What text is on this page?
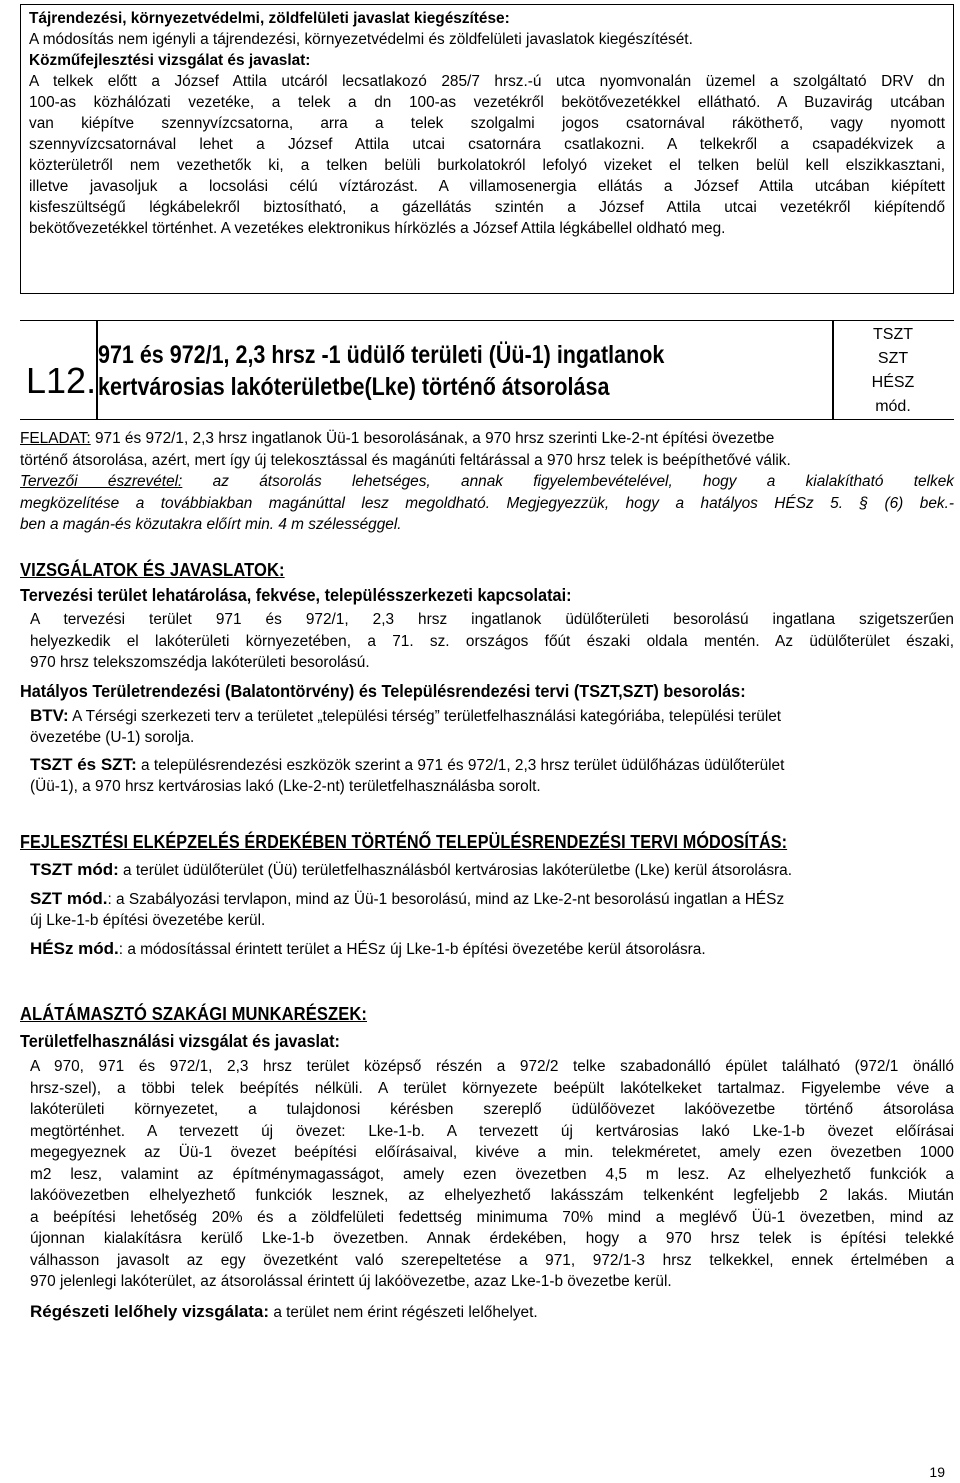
Tájrendezési, környezetvédelmi, zöldfelületi javaslat kiegészítése:
A módosítás nem igényli a tájrendezési, környezetvédelmi és zöldfelületi javaslatok kiegészítését.
Közműfejlesztési vizsgálat és javaslat:
A telkek előtt a József Attila utcáról lecsatlakozó 285/7 hrsz.-ú utca nyomvonalán üzemel a szolgáltató DRV dn
100-as közhálózati vezetéke, a telek a dn 100-as vezetékről bekötővezetékkel ellátható. A Buzavirág utcában
van kiépítve szennyvízcsatorna, arra a telek szolgalmi jogos csatornával rákötheтő, vagy nyomott
szennyvízcsatornával lehet a József Attila utcai csatornára csatlakozni. A telkekről a csapadékvizek a
közterületről nem vezethetők ki, a telken belüli burkolatokról lefolyó vizeket el telken belül kell elszikkasztani,
illetve javasoljuk a locsolási célú víztározást. A villamosenergia ellátás a József Attila utcában kiépített
kisfeszültségű légkábelekről biztosítható, a gázellátás szintén a József Attila utcai vezetékről kiépítendő
bekötővezetékkel történhet. A vezetékes elektronikus hírközlés a József Attila légkábellel oldható meg.
L12.
971 és 972/1, 2,3 hrsz -1 üdülő területi (Üü-1) ingatlanok
kertvárosias lakóterületbe(Lke) történő átsorolása
TSZT
SZT
HÉSZ
mód.
FELADAT: 971 és 972/1, 2,3 hrsz ingatlanok Üü-1 besorolásának, a 970 hrsz szerinti Lke-2-nt építési övezetbe
történő átsorolása, azért, mert így új telekosztással és magánúti feltárással a 970 hrsz telek is beépíthetővé válik.
Tervezői észrevétel: az átsorolás lehetséges, annak figyelembevételével, hogy a kialakítható telkek
megközelítése a továbbiakban magánúttal lesz megoldható. Megjegyezzük, hogy a hatályos HÉSz 5. § (6) bek.-
ben a magán-és közutakra előírt min. 4 m szélességgel.
VIZSGÁLATOK ÉS JAVASLATOK:
Tervezési terület lehatárolása, fekvése, településszerkezeti kapcsolatai:
A tervezési terület 971 és 972/1, 2,3 hrsz ingatlanok üdülőterületi besorolású ingatlana szigetszerűen
helyezkedik el lakóterületi környezetében, a 71. sz. országos főút északi oldala mentén. Az üdülőterület északi,
970 hrsz telekszomszédja lakóterületi besorolású.
Hatályos Területrendezési (Balatontörvény) és Településrendezési tervi (TSZT,SZT) besorolás:
BTV: A Térségi szerkezeti terv a területet „települési térség” területfelhasználási kategóriába, települési terület
övezetébe (U-1) sorolja.
TSZT és SZT: a településrendezési eszközök szerint a 971 és 972/1, 2,3 hrsz terület üdülőházas üdülőterület
(Üü-1), a 970 hrsz kertvárosias lakó (Lke-2-nt) területfelhasználásba sorolt.
FEJLESZTÉSI ELKÉPZELÉS ÉRDEKÉBEN TÖRTÉNŐ TELEPÜLÉSRENDEZÉSI TERVI MÓDOSÍTÁS:
TSZT mód: a terület üdülőterület (Üü) területfelhasználásból kertvárosias lakóterületbe (Lke) kerül átsorolásra.
SZT mód.: a Szabályozási tervlapon, mind az Üü-1 besorolású, mind az Lke-2-nt besorolású ingatlan a HÉSz
új Lke-1-b építési övezetébe kerül.
HÉSz mód.: a módosítással érintett terület a HÉSz új Lke-1-b építési övezetébe kerül átsorolásra.
ALÁTÁMASZTÓ SZAKÁGI MUNKARÉSZEK:
Területfelhasználási vizsgálat és javaslat:
A 970, 971 és 972/1, 2,3 hrsz terület középső részén a 972/2 telke szabadonálló épület található (972/1 önálló
hrsz-szel), a többi telek beépítés nélküli. A terület környezete beépült lakótelkeket tartalmaz. Figyelembe véve a
lakóterületi környezetet, a tulajdonosi kérésben szereplő üdülőövezet lakóövezetbe történő átsorolása
megtörténhet. A tervezett új övezet: Lke-1-b. A tervezett új kertvárosias lakó Lke-1-b övezet előírásai
megegyeznek az Üü-1 övezet beépítési előírásaival, kivéve a min. telekméretet, amely ezen övezetben 1000
m2 lesz, valamint az építménymagasságot, amely ezen övezetben 4,5 m lesz. Az elhelyezhető funkciók a
lakóövezetben elhelyezhető funkciók lesznek, az elhelyezhető lakásszám telkenként legfeljebb 2 lakás. Miután
a beépítési lehetőség 20% és a zöldfelületi fedettség minimuma 70% mind a meglévő Üü-1 övezetben, mind az
újonnan kialakításra kerülő Lke-1-b övezetben. Annak érdekében, hogy a 970 hrsz telek is építési telekké
válhasson javasolt az egy övezetként való szerepeltetése a 971, 972/1-3 hrsz telkekkel, ennek értelmében a
970 jelenlegi lakóterület, az átsorolással érintett új lakóövezetbe, azaz Lke-1-b övezetbe kerül.
Régészeti lelőhely vizsgálata: a terület nem érint régészeti lelőhelyet.
19
